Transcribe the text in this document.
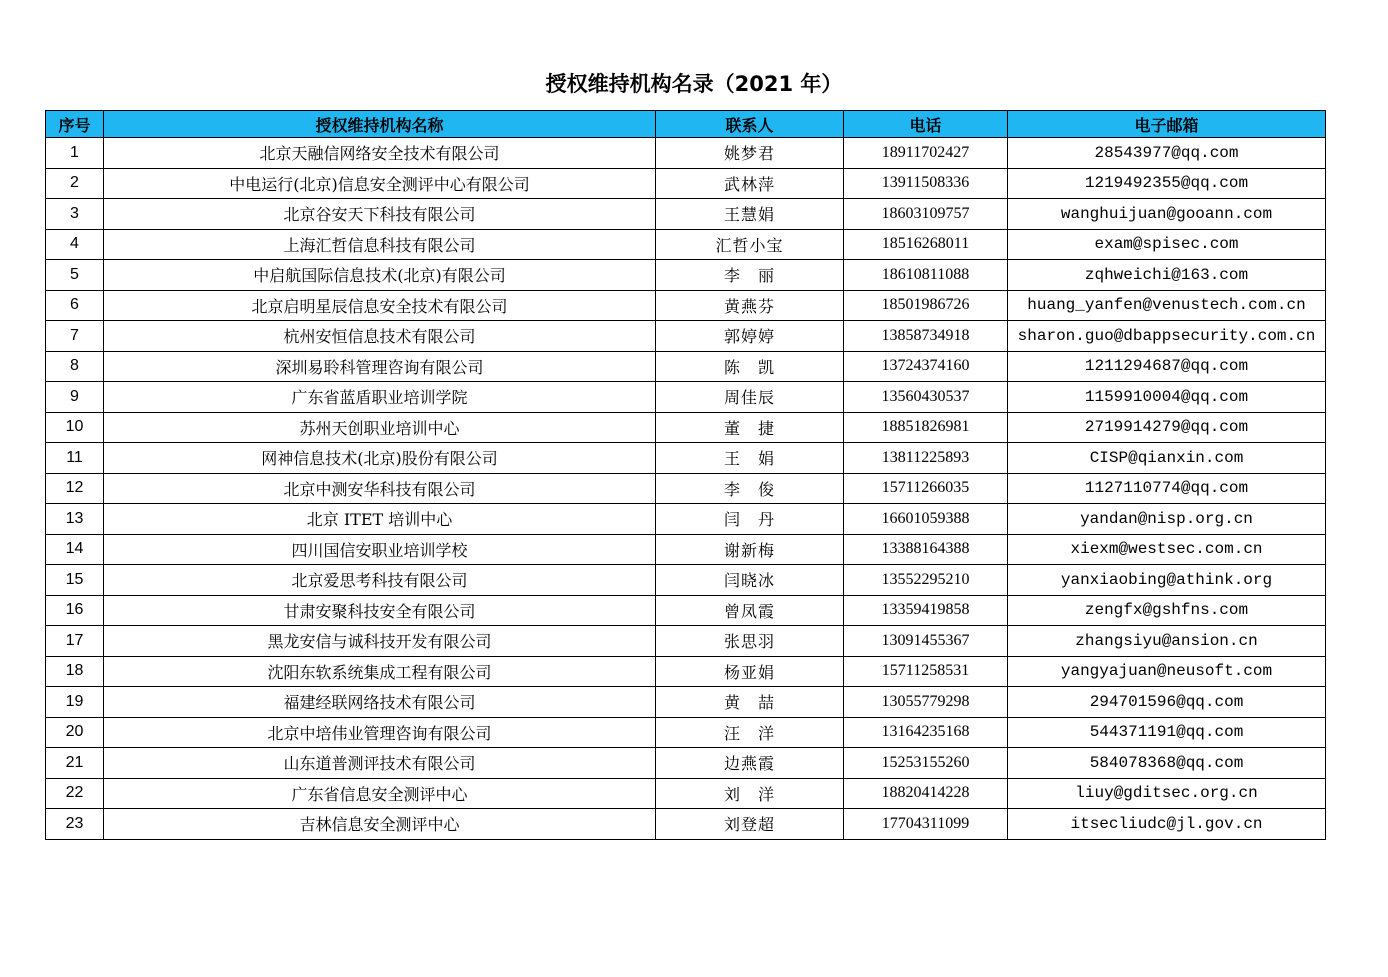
授权维持机构名录（2021 年）
序号	授权维持机构名称	联系人	电话	电子邮箱
1	北京天融信网络安全技术有限公司	姚梦君	18911702427	28543977@qq.com
2	中电运行(北京)信息安全测评中心有限公司	武林萍	13911508336	1219492355@qq.com
3	北京谷安天下科技有限公司	王慧娟	18603109757	wanghuijuan@gooann.com
4	上海汇哲信息科技有限公司	汇哲小宝	18516268011	exam@spisec.com
5	中启航国际信息技术(北京)有限公司	李　丽	18610811088	zqhweichi@163.com
6	北京启明星辰信息安全技术有限公司	黄燕芬	18501986726	huang_yanfen@venustech.com.cn
7	杭州安恒信息技术有限公司	郭婷婷	13858734918	sharon.guo@dbappsecurity.com.cn
8	深圳易聆科管理咨询有限公司	陈　凯	13724374160	1211294687@qq.com
9	广东省蓝盾职业培训学院	周佳辰	13560430537	1159910004@qq.com
10	苏州天创职业培训中心	董　捷	18851826981	2719914279@qq.com
11	网神信息技术(北京)股份有限公司	王　娟	13811225893	CISP@qianxin.com
12	北京中测安华科技有限公司	李　俊	15711266035	1127110774@qq.com
13	北京 ITET 培训中心	闫　丹	16601059388	yandan@nisp.org.cn
14	四川国信安职业培训学校	谢新梅	13388164388	xiexm@westsec.com.cn
15	北京爱思考科技有限公司	闫晓冰	13552295210	yanxiaobing@athink.org
16	甘肃安聚科技安全有限公司	曾凤霞	13359419858	zengfx@gshfns.com
17	黑龙安信与诚科技开发有限公司	张思羽	13091455367	zhangsiyu@ansion.cn
18	沈阳东软系统集成工程有限公司	杨亚娟	15711258531	yangyajuan@neusoft.com
19	福建经联网络技术有限公司	黄　喆	13055779298	294701596@qq.com
20	北京中培伟业管理咨询有限公司	汪　洋	13164235168	544371191@qq.com
21	山东道普测评技术有限公司	边燕霞	15253155260	584078368@qq.com
22	广东省信息安全测评中心	刘　洋	18820414228	liuy@gditsec.org.cn
23	吉林信息安全测评中心	刘登超	17704311099	itsecliudc@jl.gov.cn
